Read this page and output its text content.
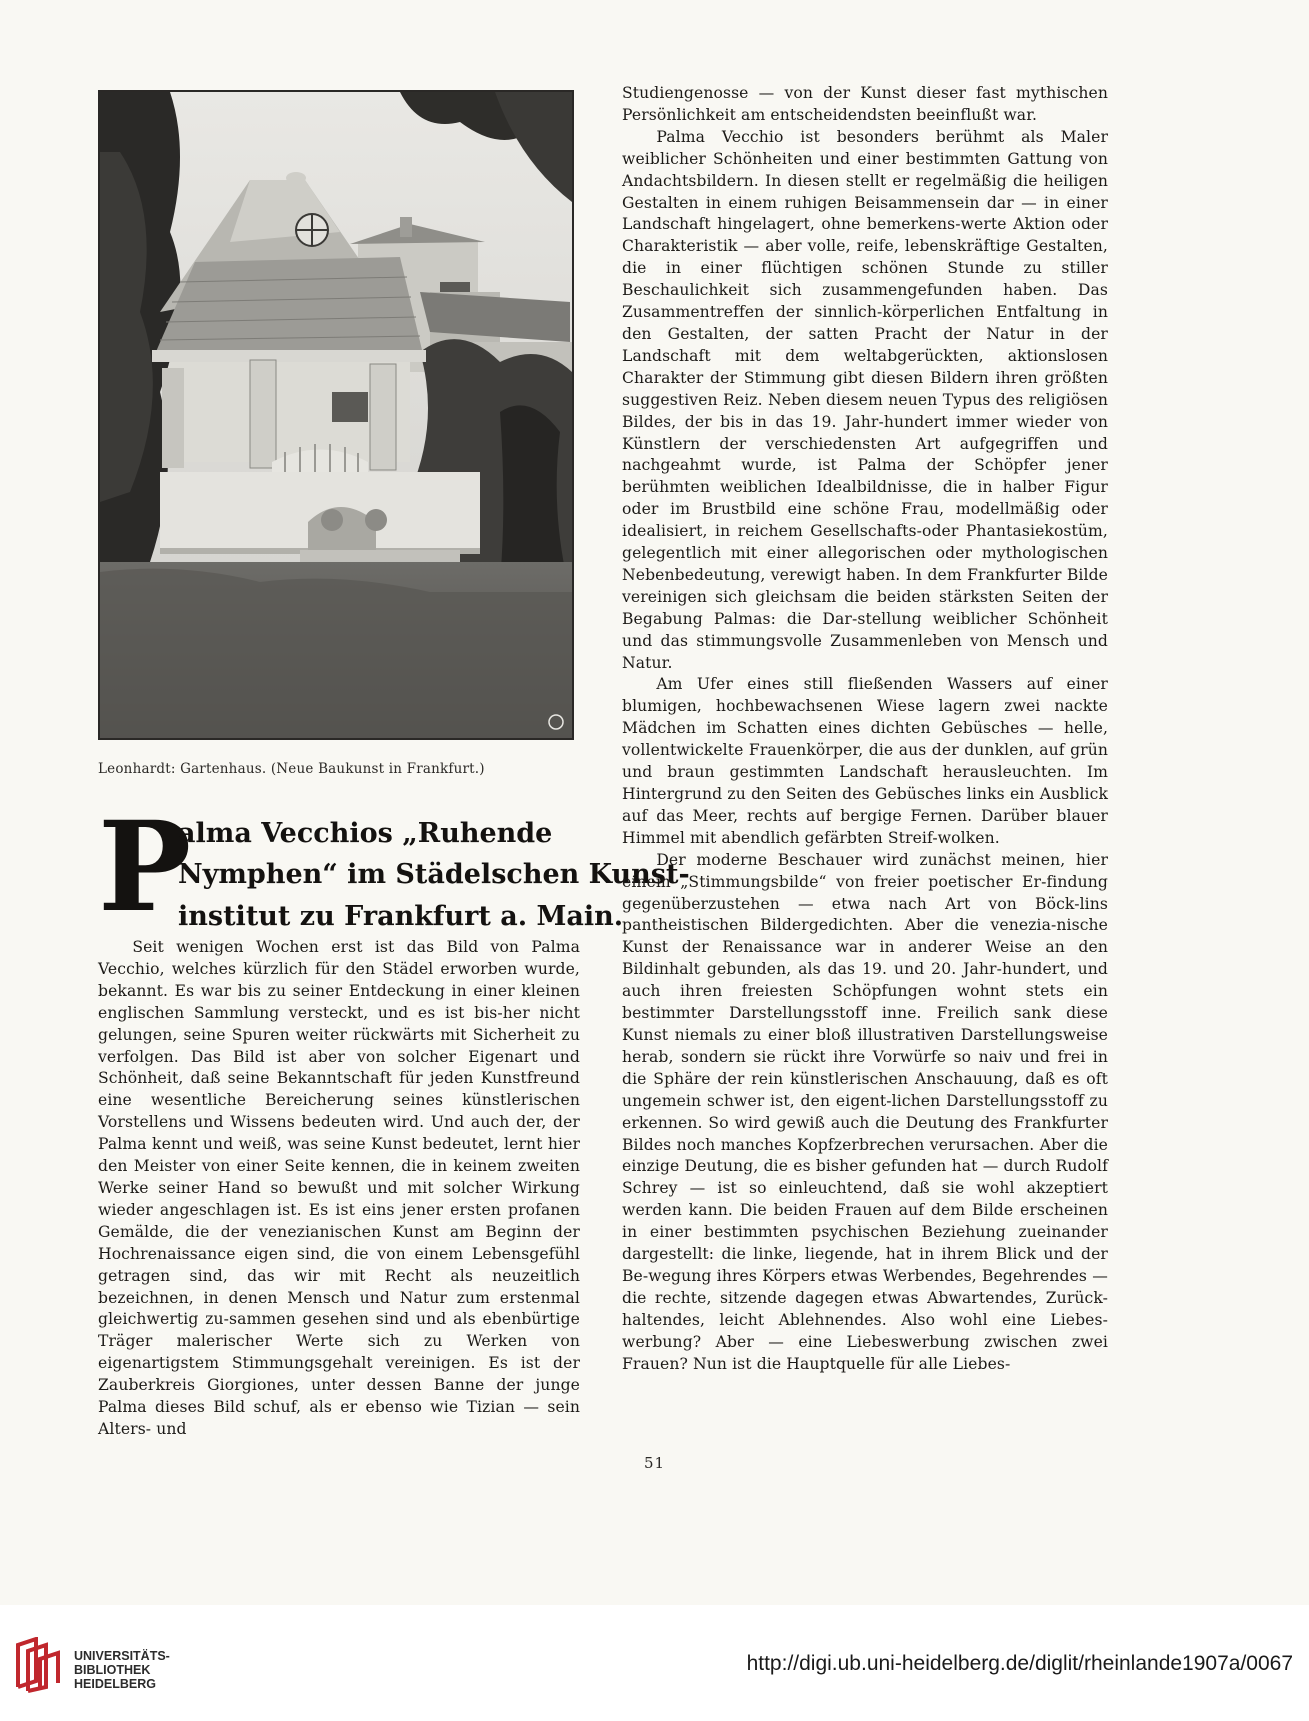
Leonhardt: Gartenhaus. (Neue Baukunst in Frankfurt.)
P
alma Vecchios „Ruhende
Nymphen“ im Städelschen Kunst-
institut zu Frankfurt a. Main.

Seit wenigen Wochen erst ist das Bild von Palma Vecchio, welches kürzlich für den Städel erworben wurde, bekannt. Es war bis zu seiner Entdeckung in einer kleinen englischen Sammlung versteckt, und es ist bis-her nicht gelungen, seine Spuren weiter rückwärts mit Sicherheit zu verfolgen. Das Bild ist aber von solcher Eigenart und Schönheit, daß seine Bekanntschaft für jeden Kunstfreund eine wesentliche Bereicherung seines künstlerischen Vorstellens und Wissens bedeuten wird. Und auch der, der Palma kennt und weiß, was seine Kunst bedeutet, lernt hier den Meister von einer Seite kennen, die in keinem zweiten Werke seiner Hand so bewußt und mit solcher Wirkung wieder angeschlagen ist. Es ist eins jener ersten profanen Gemälde, die der venezianischen Kunst am Beginn der Hochrenaissance eigen sind, die von einem Lebensgefühl getragen sind, das wir mit Recht als neuzeitlich bezeichnen, in denen Mensch und Natur zum erstenmal gleichwertig zu-sammen gesehen sind und als ebenbürtige Träger malerischer Werte sich zu Werken von eigenartigstem Stimmungsgehalt vereinigen. Es ist der Zauberkreis Giorgiones, unter dessen Banne der junge Palma dieses Bild schuf, als er ebenso wie Tizian — sein Alters- und

Studiengenosse — von der Kunst dieser fast mythischen Persönlichkeit am entscheidendsten beeinflußt war.

Palma Vecchio ist besonders berühmt als Maler weiblicher Schönheiten und einer bestimmten Gattung von Andachtsbildern. In diesen stellt er regelmäßig die heiligen Gestalten in einem ruhigen Beisammensein dar — in einer Landschaft hingelagert, ohne bemerkens-werte Aktion oder Charakteristik — aber volle, reife, lebenskräftige Gestalten, die in einer flüchtigen schönen Stunde zu stiller Beschaulichkeit sich zusammengefunden haben. Das Zusammentreffen der sinnlich-körperlichen Entfaltung in den Gestalten, der satten Pracht der Natur in der Landschaft mit dem weltabgerückten, aktionslosen Charakter der Stimmung gibt diesen Bildern ihren größten suggestiven Reiz. Neben diesem neuen Typus des religiösen Bildes, der bis in das 19. Jahr-hundert immer wieder von Künstlern der verschiedensten Art aufgegriffen und nachgeahmt wurde, ist Palma der Schöpfer jener berühmten weiblichen Idealbildnisse, die in halber Figur oder im Brustbild eine schöne Frau, modellmäßig oder idealisiert, in reichem Gesellschafts-oder Phantasiekostüm, gelegentlich mit einer allegorischen oder mythologischen Nebenbedeutung, verewigt haben. In dem Frankfurter Bilde vereinigen sich gleichsam die beiden stärksten Seiten der Begabung Palmas: die Dar-stellung weiblicher Schönheit und das stimmungsvolle Zusammenleben von Mensch und Natur.

Am Ufer eines still fließenden Wassers auf einer blumigen, hochbewachsenen Wiese lagern zwei nackte Mädchen im Schatten eines dichten Gebüsches — helle, vollentwickelte Frauenkörper, die aus der dunklen, auf grün und braun gestimmten Landschaft herausleuchten. Im Hintergrund zu den Seiten des Gebüsches links ein Ausblick auf das Meer, rechts auf bergige Fernen. Darüber blauer Himmel mit abendlich gefärbten Streif-wolken.

Der moderne Beschauer wird zunächst meinen, hier einem „Stimmungsbilde“ von freier poetischer Er-findung gegenüberzustehen — etwa nach Art von Böck-lins pantheistischen Bildergedichten. Aber die venezia-nische Kunst der Renaissance war in anderer Weise an den Bildinhalt gebunden, als das 19. und 20. Jahr-hundert, und auch ihren freiesten Schöpfungen wohnt stets ein bestimmter Darstellungsstoff inne. Freilich sank diese Kunst niemals zu einer bloß illustrativen Darstellungsweise herab, sondern sie rückt ihre Vorwürfe so naiv und frei in die Sphäre der rein künstlerischen Anschauung, daß es oft ungemein schwer ist, den eigent-lichen Darstellungsstoff zu erkennen. So wird gewiß auch die Deutung des Frankfurter Bildes noch manches Kopfzerbrechen verursachen. Aber die einzige Deutung, die es bisher gefunden hat — durch Rudolf Schrey — ist so einleuchtend, daß sie wohl akzeptiert werden kann. Die beiden Frauen auf dem Bilde erscheinen in einer bestimmten psychischen Beziehung zueinander dargestellt: die linke, liegende, hat in ihrem Blick und der Be-wegung ihres Körpers etwas Werbendes, Begehrendes — die rechte, sitzende dagegen etwas Abwartendes, Zurück-haltendes, leicht Ablehnendes. Also wohl eine Liebes-werbung? Aber — eine Liebeswerbung zwischen zwei Frauen? Nun ist die Hauptquelle für alle Liebes-

51
UNIVERSITÄTS-
BIBLIOTHEK
HEIDELBERG
http://digi.ub.uni-heidelberg.de/diglit/rheinlande1907a/0067
